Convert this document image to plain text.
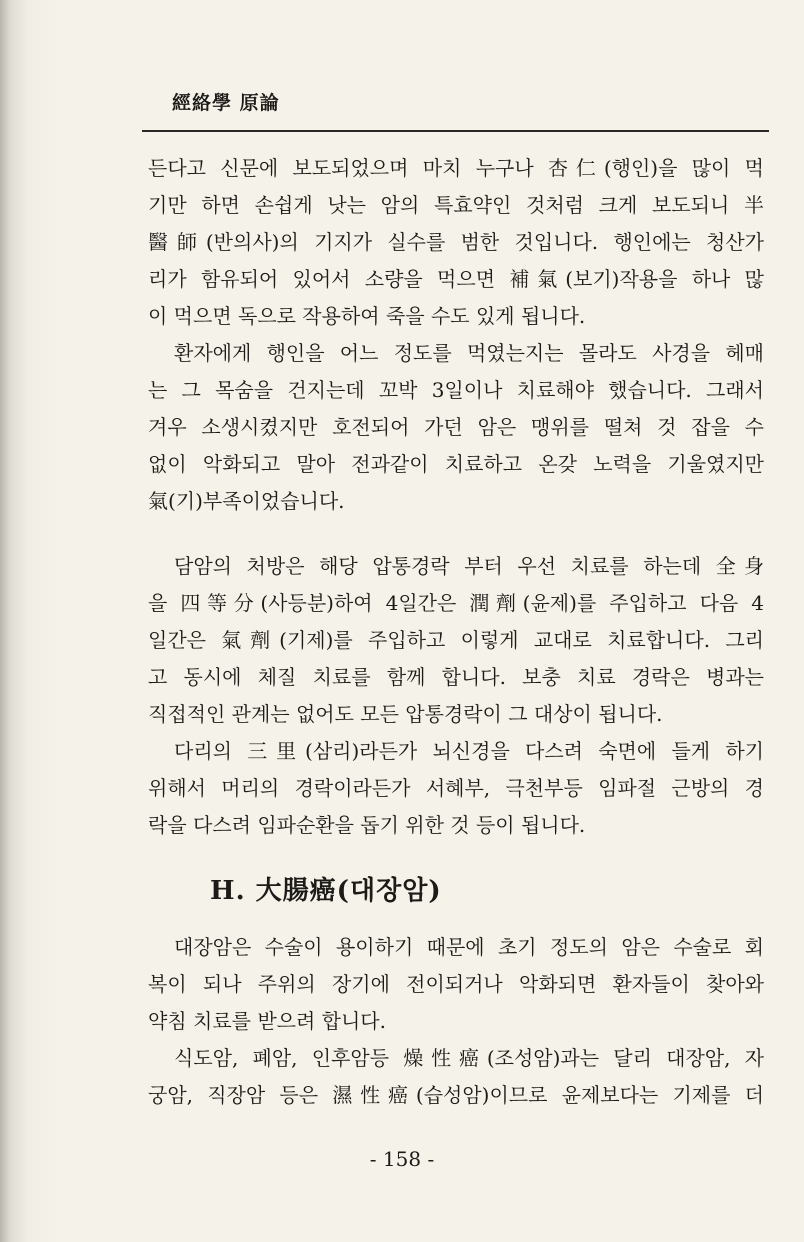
經絡學 原論

든다고 신문에 보도되었으며 마치 누구나 杏仁(행인)을 많이 먹

기만 하면 손쉽게 낫는 암의 특효약인 것처럼 크게 보도되니 半

醫師(반의사)의 기지가 실수를 범한 것입니다. 행인에는 청산가

리가 함유되어 있어서 소량을 먹으면 補氣(보기)작용을 하나 많

이 먹으면 독으로 작용하여 죽을 수도 있게 됩니다.

환자에게 행인을 어느 정도를 먹였는지는 몰라도 사경을 헤매

는 그 목숨을 건지는데 꼬박 3일이나 치료해야 했습니다. 그래서

겨우 소생시켰지만 호전되어 가던 암은 맹위를 떨쳐 것 잡을 수

없이 악화되고 말아 전과같이 치료하고 온갖 노력을 기울였지만

氣(기)부족이었습니다.

담암의 처방은 해당 압통경락 부터 우선 치료를 하는데 全身

을 四等分(사등분)하여 4일간은 潤劑(윤제)를 주입하고 다음 4

일간은 氣劑(기제)를 주입하고 이렇게 교대로 치료합니다. 그리

고 동시에 체질 치료를 함께 합니다. 보충 치료 경락은 병과는

직접적인 관계는 없어도 모든 압통경락이 그 대상이 됩니다.

다리의 三里(삼리)라든가 뇌신경을 다스려 숙면에 들게 하기

위해서 머리의 경락이라든가 서혜부, 극천부등 임파절 근방의 경

락을 다스려 임파순환을 돕기 위한 것 등이 됩니다.

H. 大腸癌(대장암)

대장암은 수술이 용이하기 때문에 초기 정도의 암은 수술로 회

복이 되나 주위의 장기에 전이되거나 악화되면 환자들이 찾아와

약침 치료를 받으려 합니다.

식도암, 폐암, 인후암등 燥性癌(조성암)과는 달리 대장암, 자

궁암, 직장암 등은 濕性癌(습성암)이므로 윤제보다는 기제를 더

- 158 -
